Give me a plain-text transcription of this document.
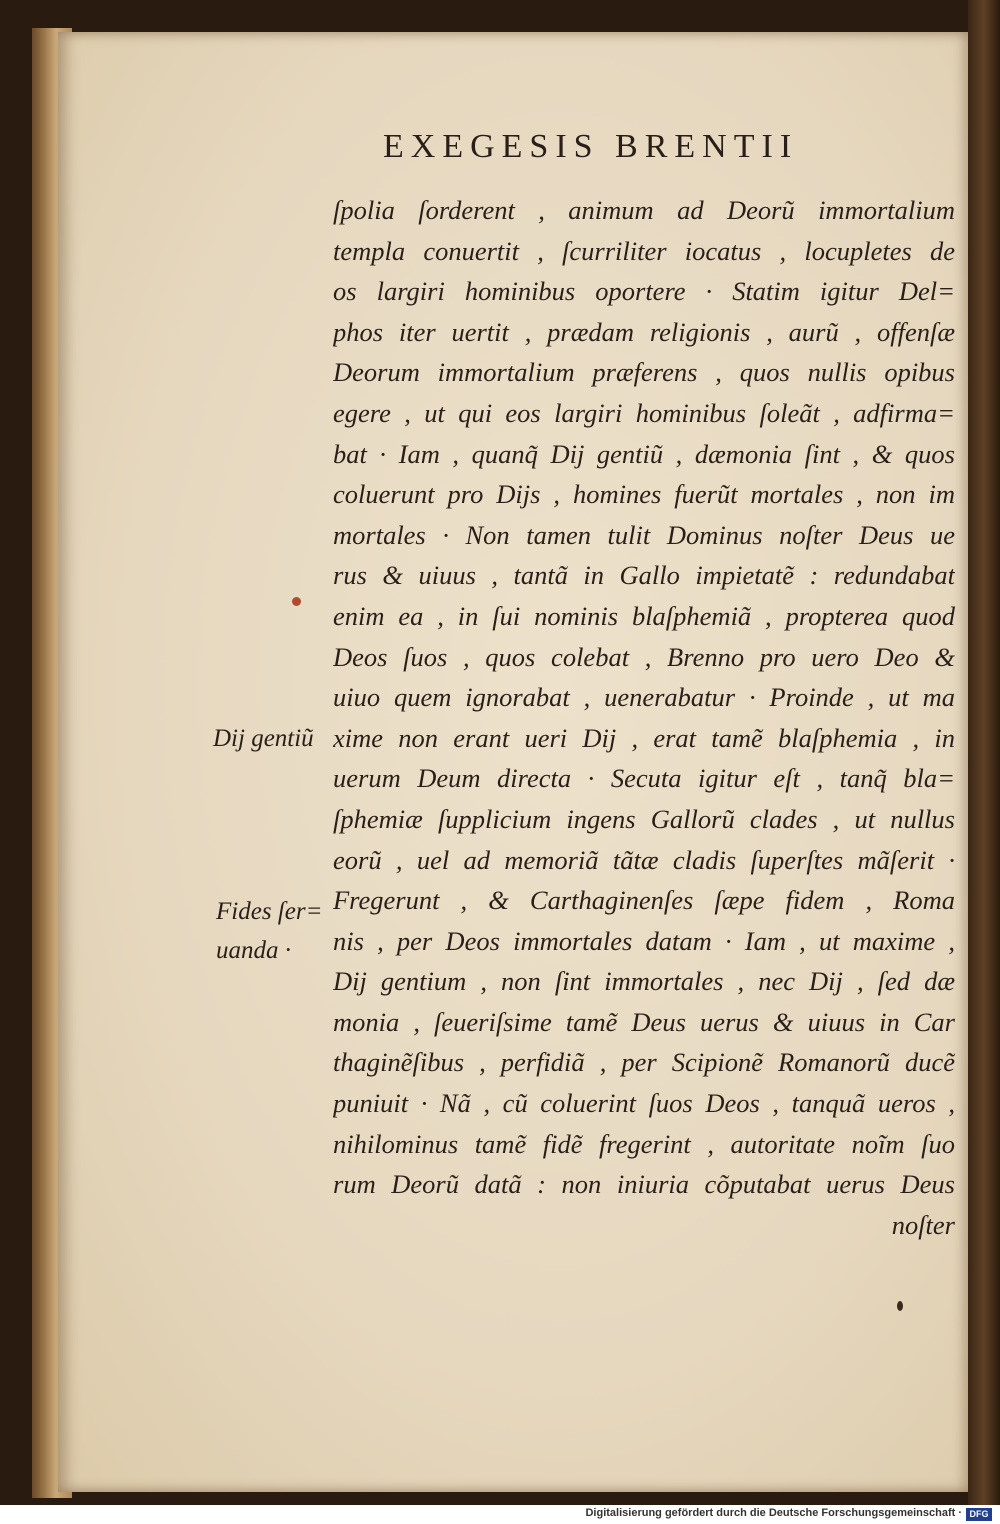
EXEGESIS BRENTII
ſpolia ſorderent , animum ad Deorũ immortalium
templa conuertit , ſcurriliter iocatus , locupletes de
os largiri hominibus oportere · Statim igitur Del=
phos iter uertit , prædam religionis , aurũ , offenſæ
Deorum immortalium præferens , quos nullis opibus
egere , ut qui eos largiri hominibus ſoleãt , adfirma=
bat · Iam , quanq̃ Dij gentiũ , dæmonia ſint , & quos
coluerunt pro Dijs , homines fuerũt mortales , non im
mortales · Non tamen tulit Dominus noſter Deus ue
rus & uiuus , tantã in Gallo impietatẽ : redundabat
enim ea , in ſui nominis blaſphemiã , propterea quod
Deos ſuos , quos colebat , Brenno pro uero Deo &
uiuo quem ignorabat , uenerabatur · Proinde , ut ma
xime non erant ueri Dij , erat tamẽ blaſphemia , in
uerum Deum directa · Secuta igitur eſt , tanq̃ bla=
ſphemiæ ſupplicium ingens Gallorũ clades , ut nullus
eorũ , uel ad memoriã tãtæ cladis ſuperſtes mãſerit ·
Fregerunt , & Carthaginenſes ſæpe fidem , Roma
nis , per Deos immortales datam · Iam , ut maxime ,
Dij gentium , non ſint immortales , nec Dij , ſed dæ
monia , ſeueriſsime tamẽ Deus uerus & uiuus in Car
thaginẽſibus , perfidiã , per Scipionẽ Romanorũ ducẽ
puniuit · Nã , cũ coluerint ſuos Deos , tanquã ueros ,
nihilominus tamẽ fidẽ fregerint , autoritate noĩm ſuo
rum Deorũ datã : non iniuria cõputabat uerus Deus
noſter
Dij gentiũ
Fides ſer=
uanda ·
Digitalisierung gefördert durch die Deutsche Forschungsgemeinschaft · DFG
